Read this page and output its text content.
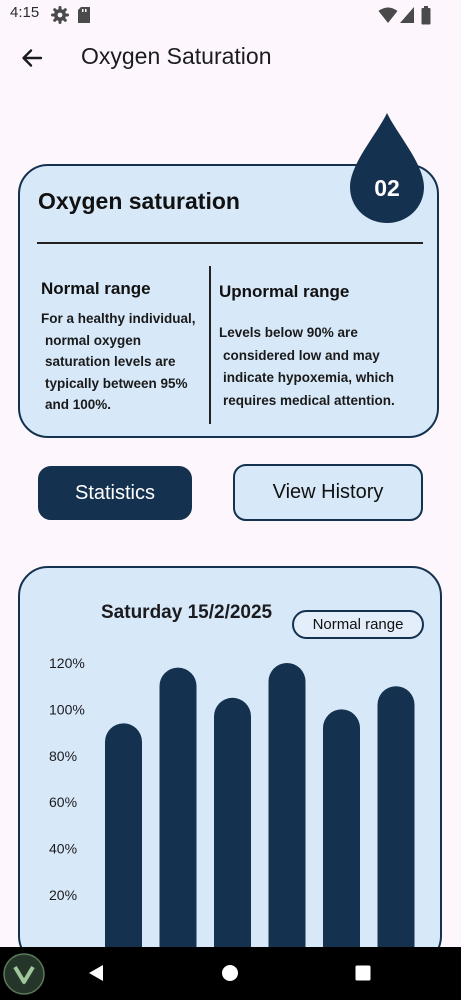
4:15
Oxygen Saturation
Oxygen saturation
Normal range
For a healthy individual,
normal oxygen
saturation levels are
typically between 95%
and 100%.
Upnormal range
Levels below 90% are
considered low and may
indicate hypoxemia, which
requires medical attention.
02
Statistics	View History
Saturday 15/2/2025
Normal range
120%
100%
80%
60%
40%
20%
